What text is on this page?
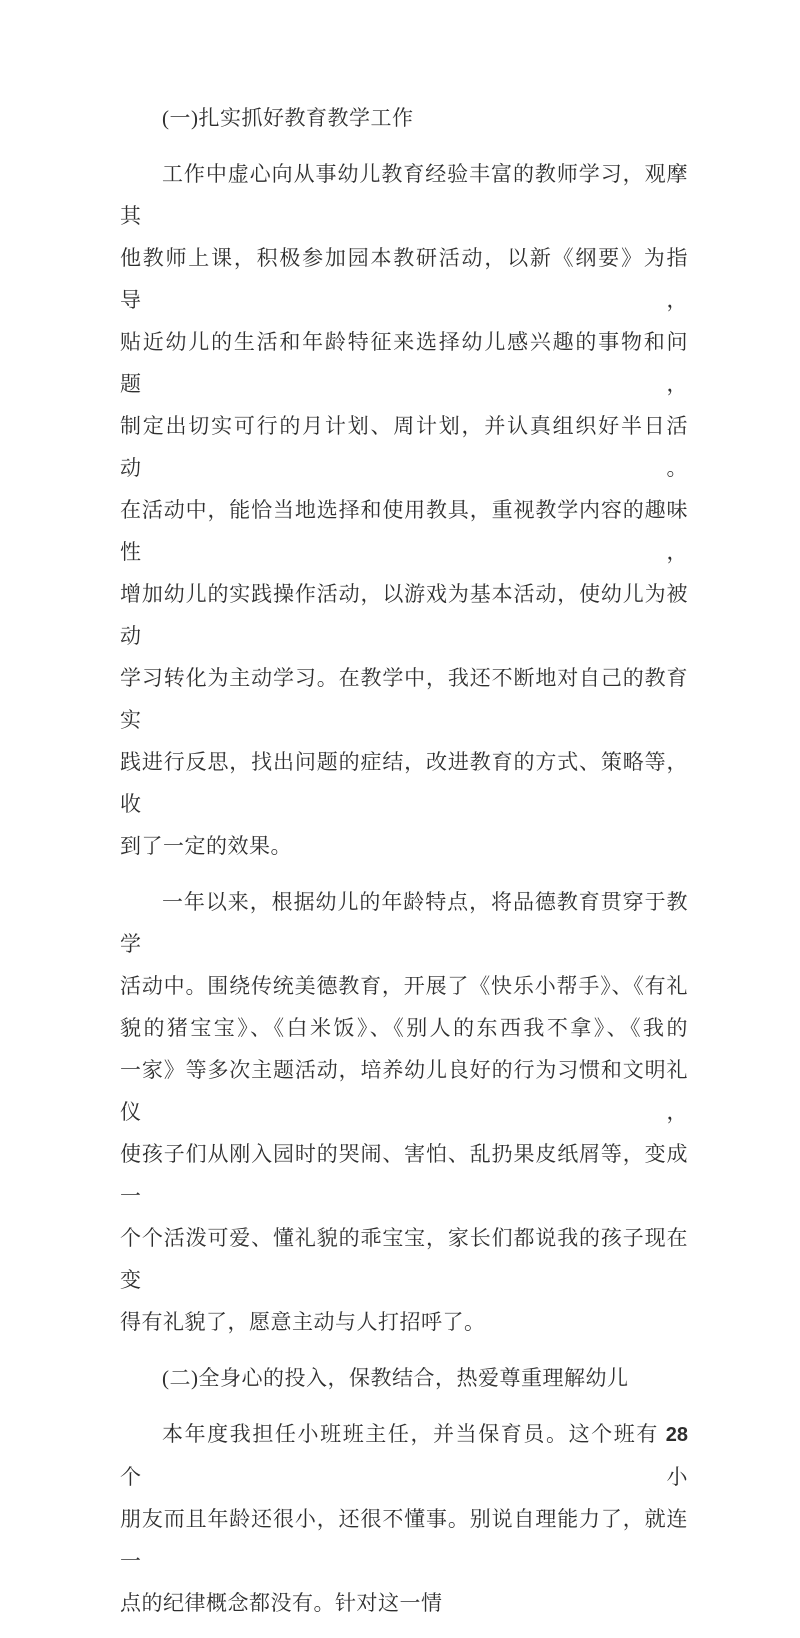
(一)扎实抓好教育教学工作
工作中虚心向从事幼儿教育经验丰富的教师学习，观摩其
他教师上课，积极参加园本教研活动，以新《纲要》为指导，
贴近幼儿的生活和年龄特征来选择幼儿感兴趣的事物和问题，
制定出切实可行的月计划、周计划，并认真组织好半日活动。
在活动中，能恰当地选择和使用教具，重视教学内容的趣味性，
增加幼儿的实践操作活动，以游戏为基本活动，使幼儿为被动
学习转化为主动学习。在教学中，我还不断地对自己的教育实
践进行反思，找出问题的症结，改进教育的方式、策略等，收
到了一定的效果。
一年以来，根据幼儿的年龄特点，将品德教育贯穿于教学
活动中。围绕传统美德教育，开展了《快乐小帮手》、《有礼
貌的猪宝宝》、《白米饭》、《别人的东西我不拿》、《我的
一家》等多次主题活动，培养幼儿良好的行为习惯和文明礼仪，
使孩子们从刚入园时的哭闹、害怕、乱扔果皮纸屑等，变成一
个个活泼可爱、懂礼貌的乖宝宝，家长们都说我的孩子现在变
得有礼貌了，愿意主动与人打招呼了。
(二)全身心的投入，保教结合，热爱尊重理解幼儿
本年度我担任小班班主任，并当保育员。这个班有 28 个小
朋友而且年龄还很小，还很不懂事。别说自理能力了，就连一
点的纪律概念都没有。针对这一情
